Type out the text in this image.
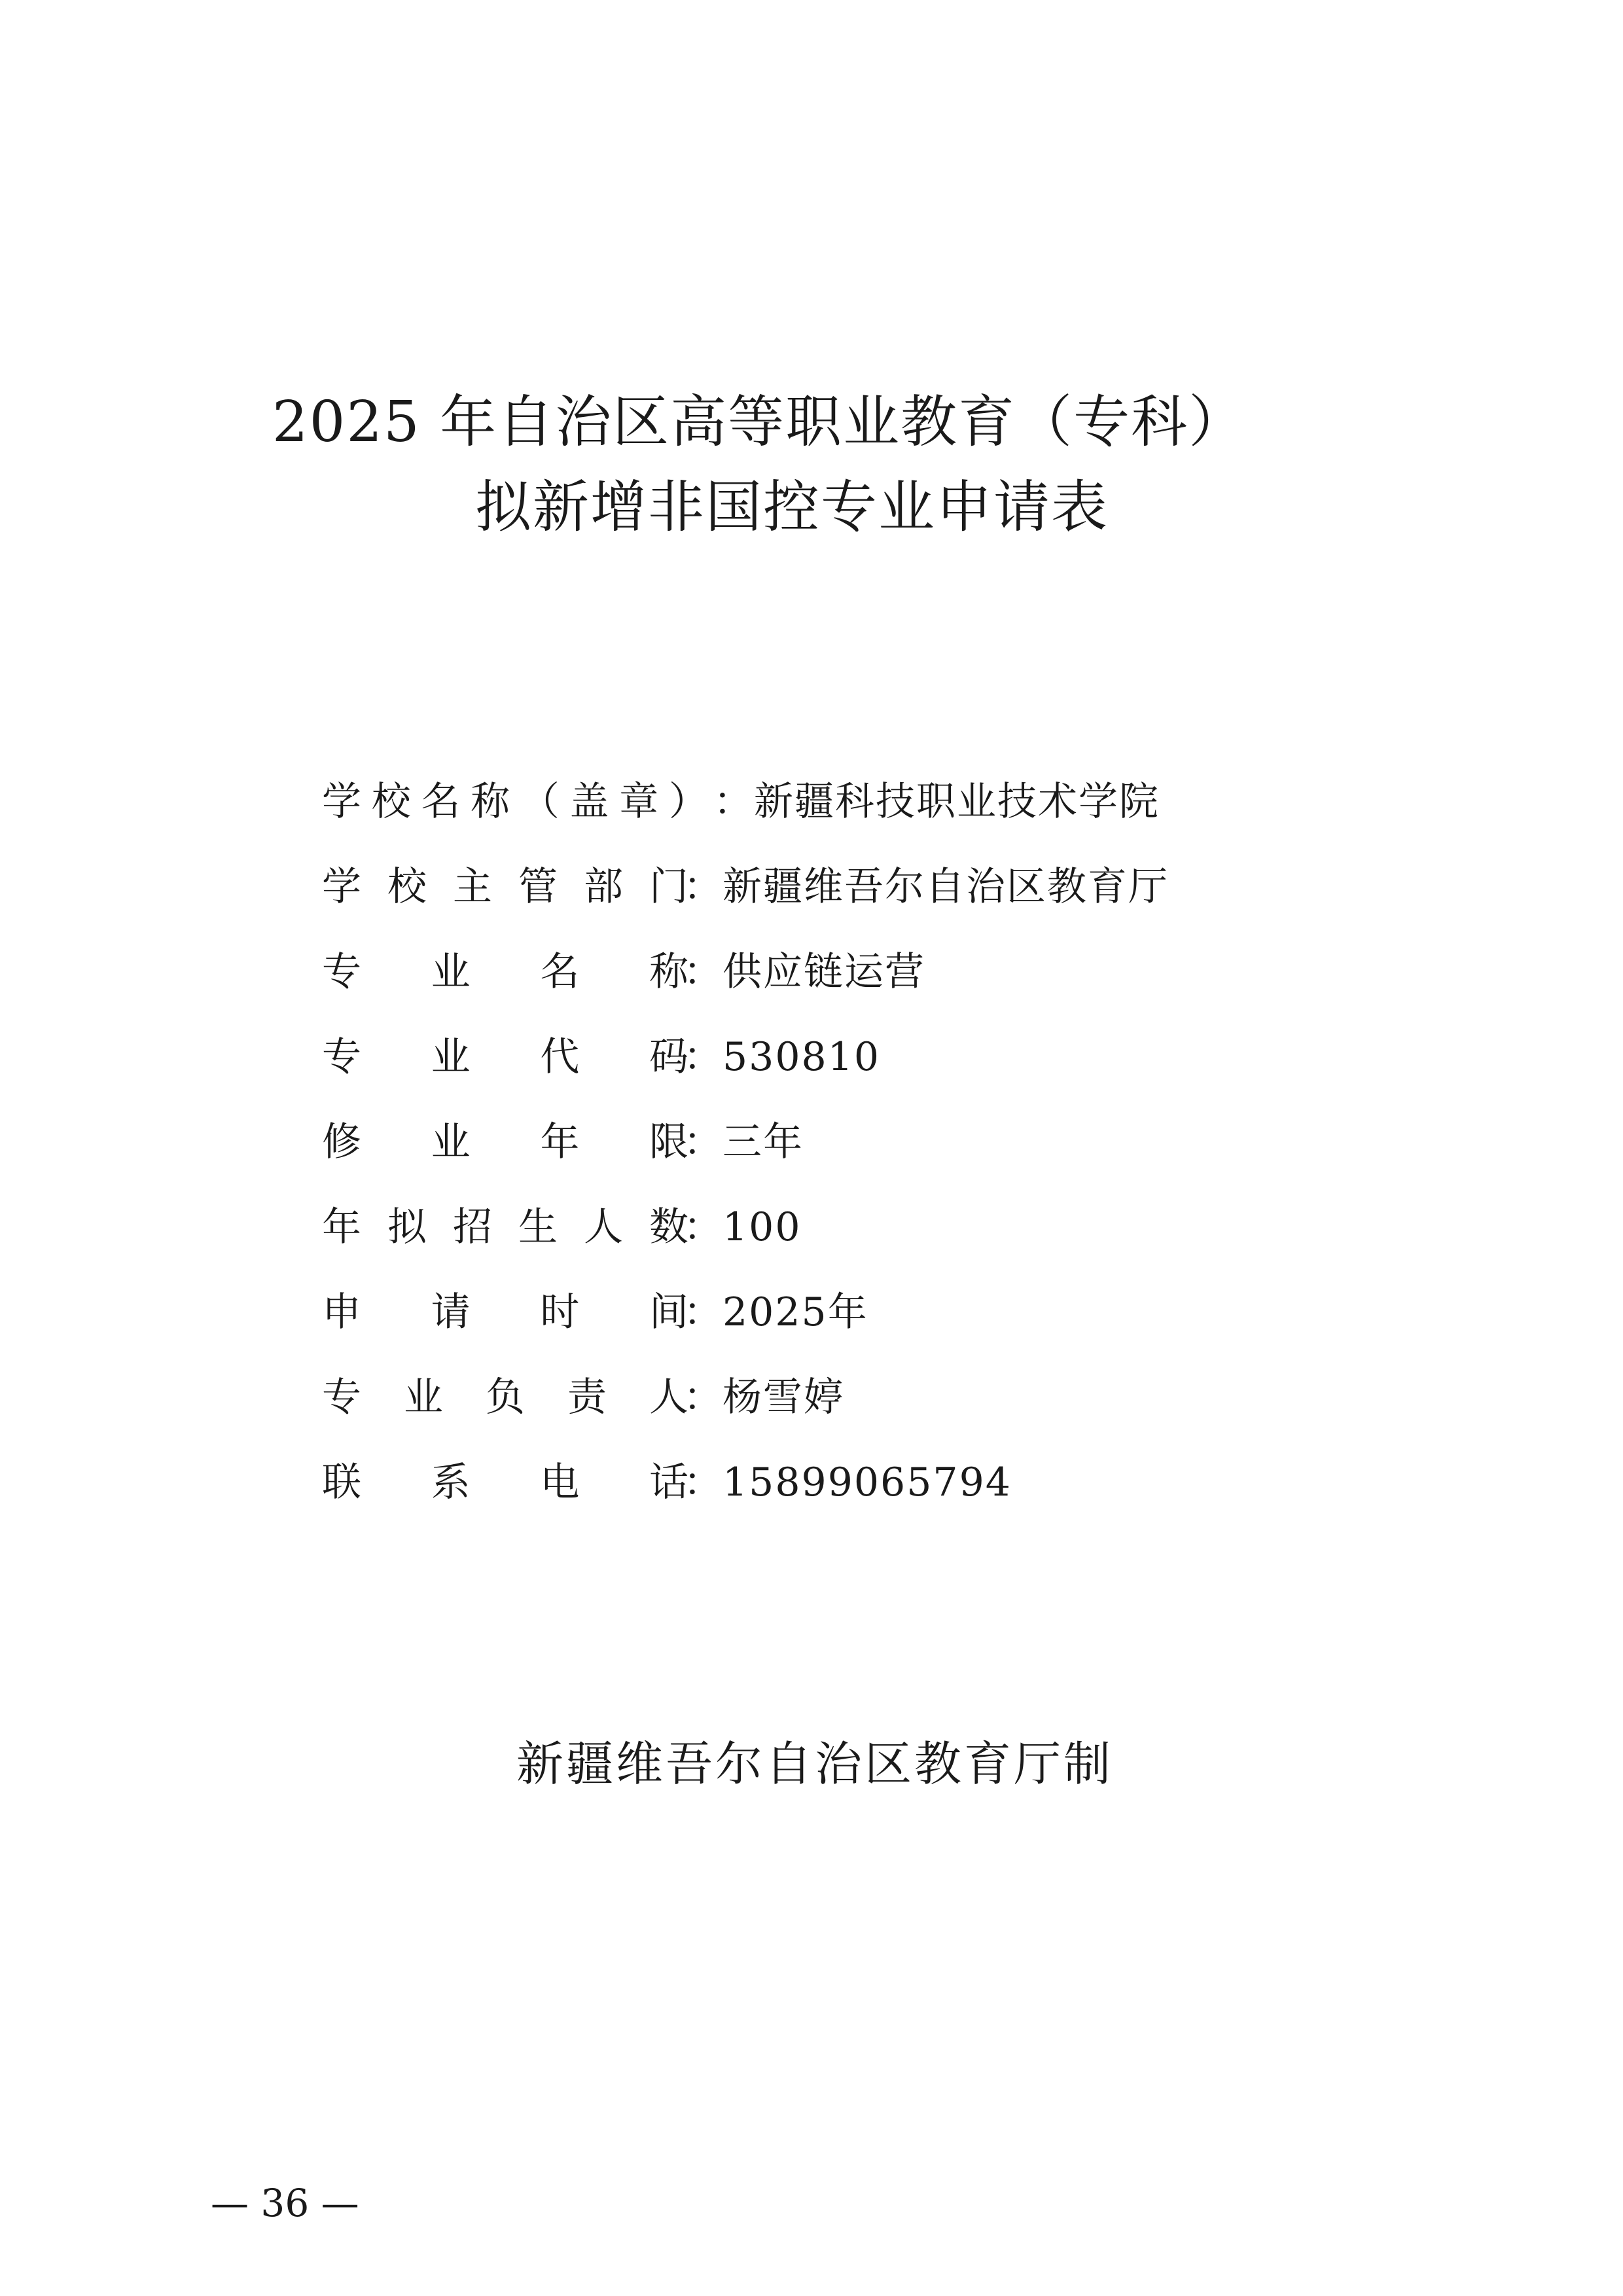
2025 年自治区高等职业教育（专科）
拟新增非国控专业申请表
学 校 名 称 （ 盖 章 ） ： 新疆科技职业技术学院
学 校 主 管 部 门
： 新疆维吾尔自治区教育厅
专 业 名 称
： 供应链运营
专 业 代 码
： 530810
修 业 年 限
： 三年
年 拟 招 生 人 数
： 100
申 请 时 间
： 2025年
专 业 负 责 人
： 杨雪婷
联 系 电 话
： 15899065794
新疆维吾尔自治区教育厅制
— 36 —
